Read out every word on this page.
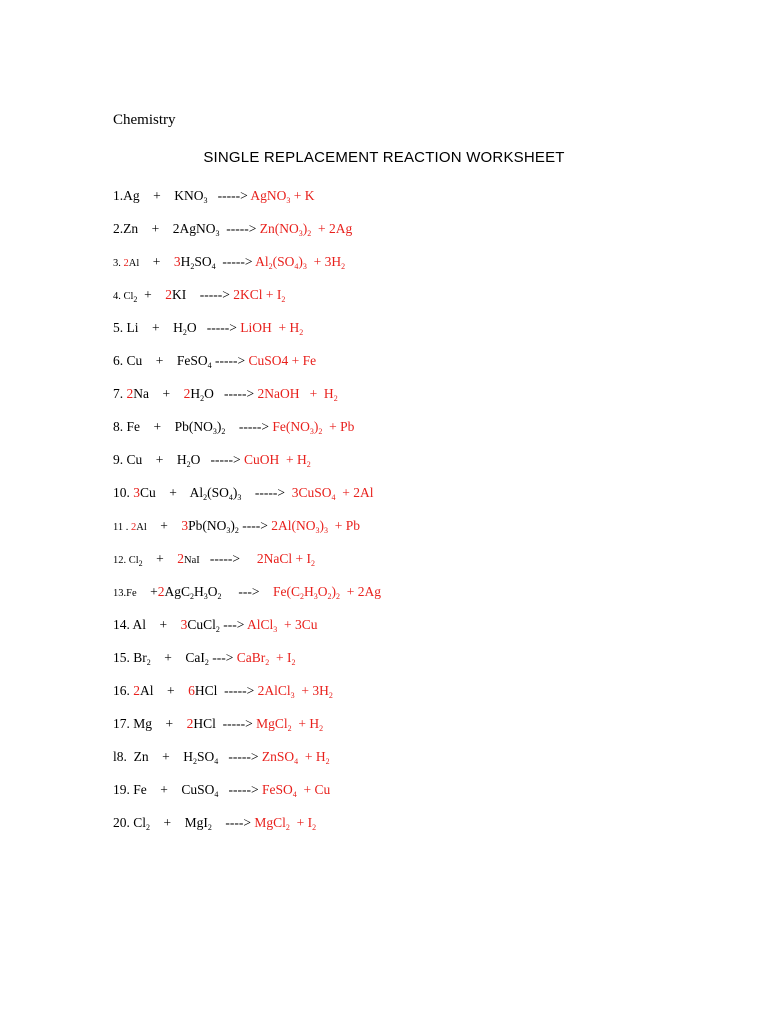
Chemistry
SINGLE REPLACEMENT REACTION WORKSHEET
1.Ag    +    $KNO_3$   -----> AgNO$_3$ + K
2.Zn    +    2AgNO$_3$  -----> $Zn(NO_3)_2 + 2Ag$
3. 2Al    +    $3H_2SO_4$  -----> $Al_2(SO_4)_3 + 3H_2$
4. $Cl_2$  +    2KI    -----> $2KCl + I_2$
5. Li    +    $H_2O$   -----> LiOH  + $H_2$
6. Cu    +    FeSO$_4$ -----> CuSO4 + Fe
7. 2Na    +    $2H_2O$   -----> 2NaOH   +  $H_2$
8. Fe    +    $Pb(NO_3)_2$    -----> $Fe(NO_3)_2 + Pb$
9. Cu    +    $H_2O$   -----> CuOH  + $H_2$
10. 3Cu    +    $Al_2(SO_4)_3$    ----->  3CuSO$_4$  + 2Al
11 . 2Al    +    $3Pb(NO_3)_2$ ----> $2Al(NO_3)_3 + Pb$
12. $Cl_2$    +    2NaI   ----->     2NaCl + $I_2$
13.Fe    $+2AgC_2H_3O_2$     --->    $Fe(C_2H_3O_2)_2 + 2Ag$
14. Al    +    3CuCl$_2$ ---> AlCl$_3$  + 3Cu
15. $Br_2$    +    CaI$_2$ ---> CaBr$_2$  + $I_2$
16. 2Al    +    6HCl  -----> 2AlCl$_3$  + $3H_2$
17. Mg    +    2HCl  -----> MgCl$_2$  + $H_2$
l8.  Zn    +    $H_2SO_4$   -----> ZnSO$_4$  + $H_2$
19. Fe    +    CuSO$_4$   -----> FeSO$_4$  + Cu
20. $Cl_2$    +    MgI$_2$    ----> MgCl$_2$  + $I_2$
